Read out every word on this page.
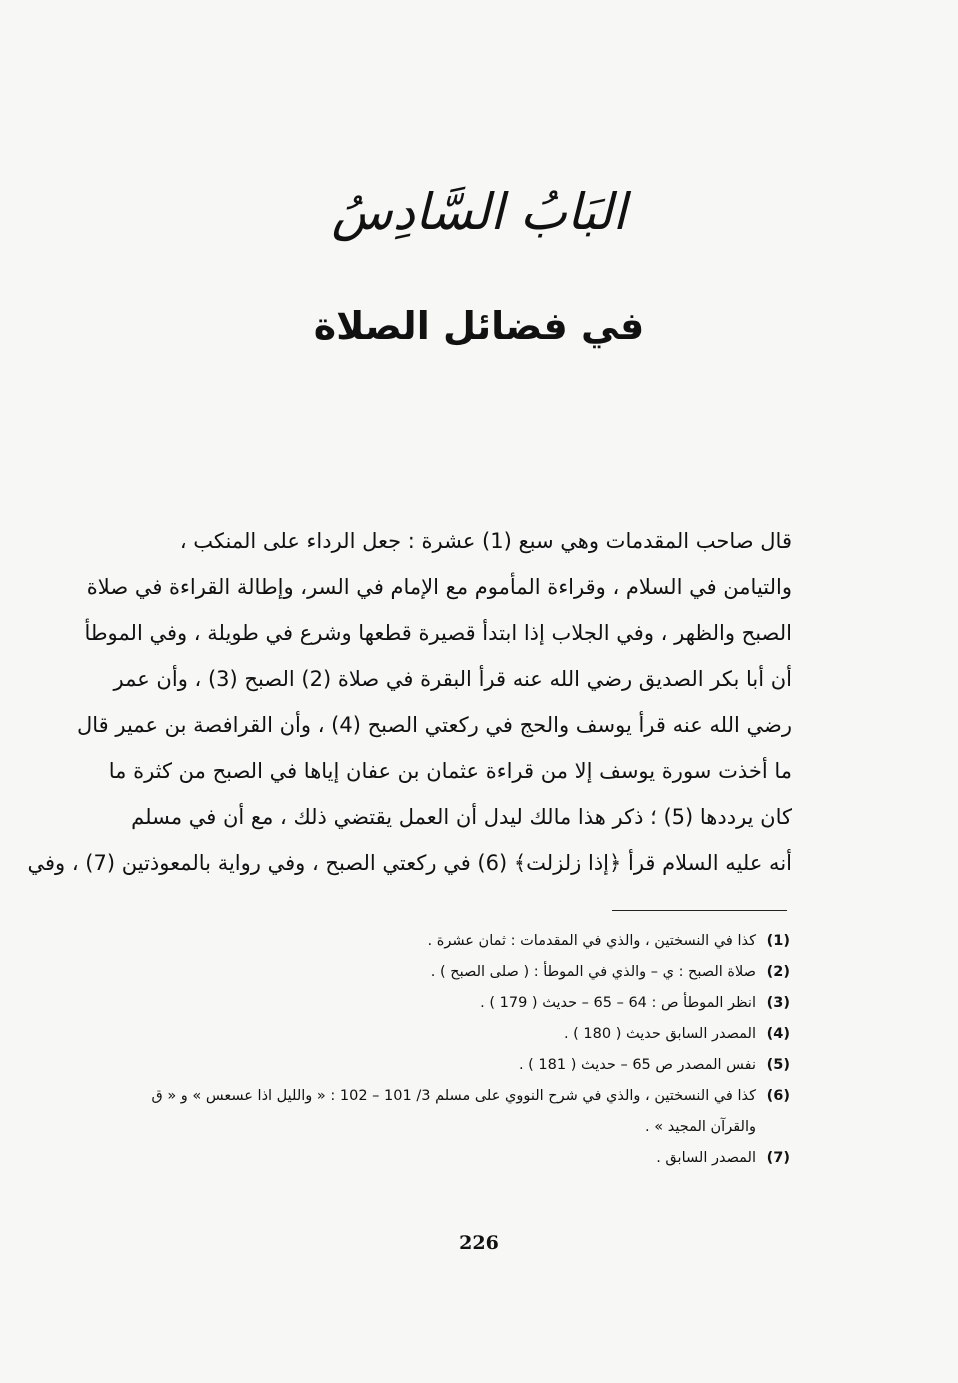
البَابُ السَّادِسُ
في فضائل الصلاة
قال صاحب المقدمات وهي سبع (1) عشرة : جعل الرداء على المنكب ،
والتيامن في السلام ، وقراءة المأموم مع الإمام في السر، وإطالة القراءة في صلاة
الصبح والظهر ، وفي الجلاب إذا ابتدأ قصيرة قطعها وشرع في طويلة ، وفي الموطأ
أن أبا بكر الصديق رضي الله عنه قرأ البقرة في صلاة (2) الصبح (3) ، وأن عمر
رضي الله عنه قرأ يوسف والحج في ركعتي الصبح (4) ، وأن القرافصة بن عمير قال
ما أخذت سورة يوسف إلا من قراءة عثمان بن عفان إياها في الصبح من كثرة ما
كان يرددها (5) ؛ ذكر هذا مالك ليدل أن العمل يقتضي ذلك ، مع أن في مسلم
أنه عليه السلام قرأ ﴿إذا زلزلت﴾ (6) في ركعتي الصبح ، وفي رواية بالمعوذتين (7) ، وفي
(1)
كذا في النسختين ، والذي في المقدمات : ثمان عشرة .
(2)
صلاة الصبح : ي – والذي في الموطأ : ( صلى الصبح ) .
(3)
انظر الموطأ ص : 64 – 65 – حديث ( 179 ) .
(4)
المصدر السابق حديث ( 180 ) .
(5)
نفس المصدر ص 65 – حديث ( 181 ) .
(6)
كذا في النسختين ، والذي في شرح النووي على مسلم 3/ 101 – 102 : « والليل اذا عسعس » و « ق والقرآن المجيد » .
(7)
المصدر السابق .
226
